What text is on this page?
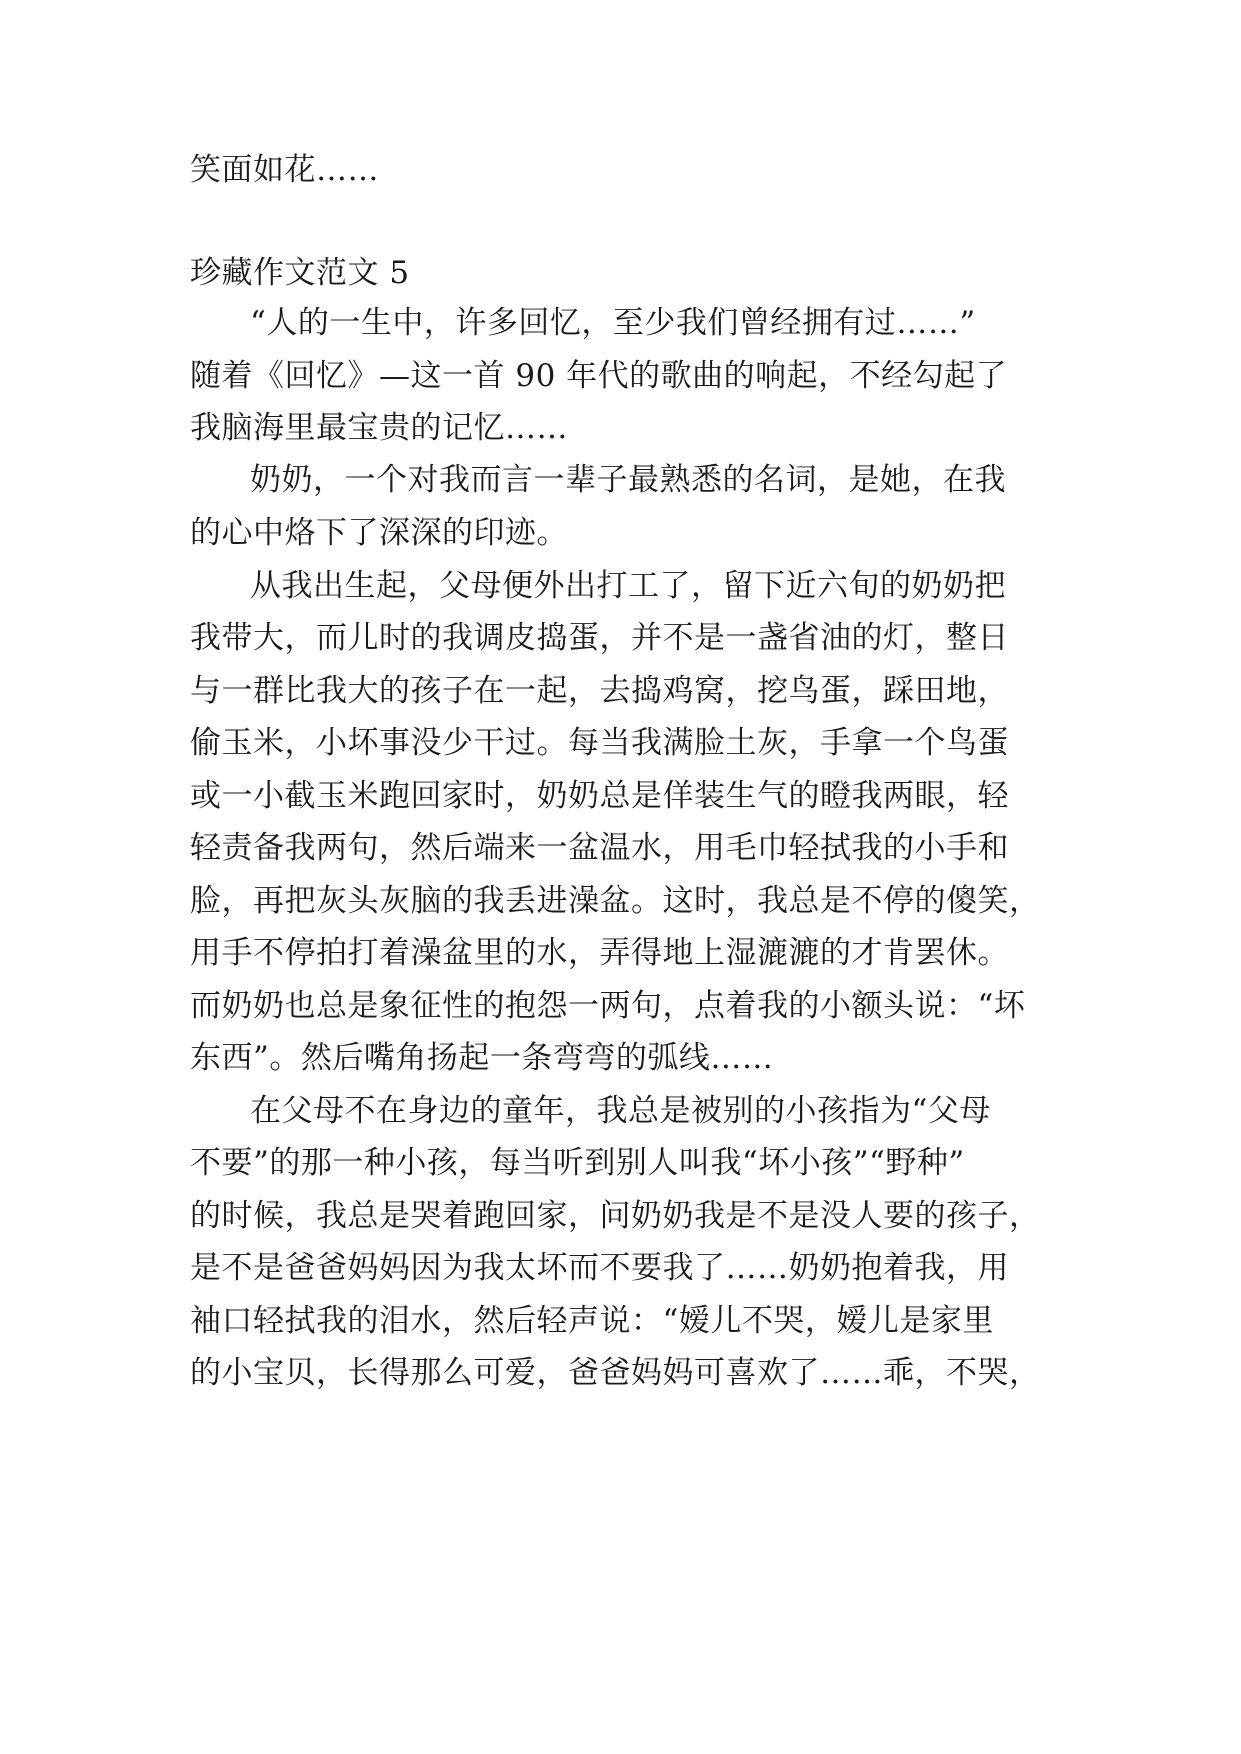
笑面如花……
珍藏作文范文 5
“人的一生中，许多回忆，至少我们曾经拥有过……”
随着《回忆》—这一首 90 年代的歌曲的响起，不经勾起了
我脑海里最宝贵的记忆……
奶奶，一个对我而言一辈子最熟悉的名词，是她，在我
的心中烙下了深深的印迹。
从我出生起，父母便外出打工了，留下近六旬的奶奶把
我带大，而儿时的我调皮捣蛋，并不是一盏省油的灯，整日
与一群比我大的孩子在一起，去捣鸡窝，挖鸟蛋，踩田地，
偷玉米，小坏事没少干过。每当我满脸土灰，手拿一个鸟蛋
或一小截玉米跑回家时，奶奶总是佯装生气的瞪我两眼，轻
轻责备我两句，然后端来一盆温水，用毛巾轻拭我的小手和
脸，再把灰头灰脑的我丢进澡盆。这时，我总是不停的傻笑，
用手不停拍打着澡盆里的水，弄得地上湿漉漉的才肯罢休。
而奶奶也总是象征性的抱怨一两句，点着我的小额头说：“坏
东西”。然后嘴角扬起一条弯弯的弧线……
在父母不在身边的童年，我总是被别的小孩指为“父母
不要”的那一种小孩，每当听到别人叫我“坏小孩”“野种”
的时候，我总是哭着跑回家，问奶奶我是不是没人要的孩子，
是不是爸爸妈妈因为我太坏而不要我了……奶奶抱着我，用
袖口轻拭我的泪水，然后轻声说：“嫒儿不哭，嫒儿是家里
的小宝贝，长得那么可爱，爸爸妈妈可喜欢了……乖，不哭，
